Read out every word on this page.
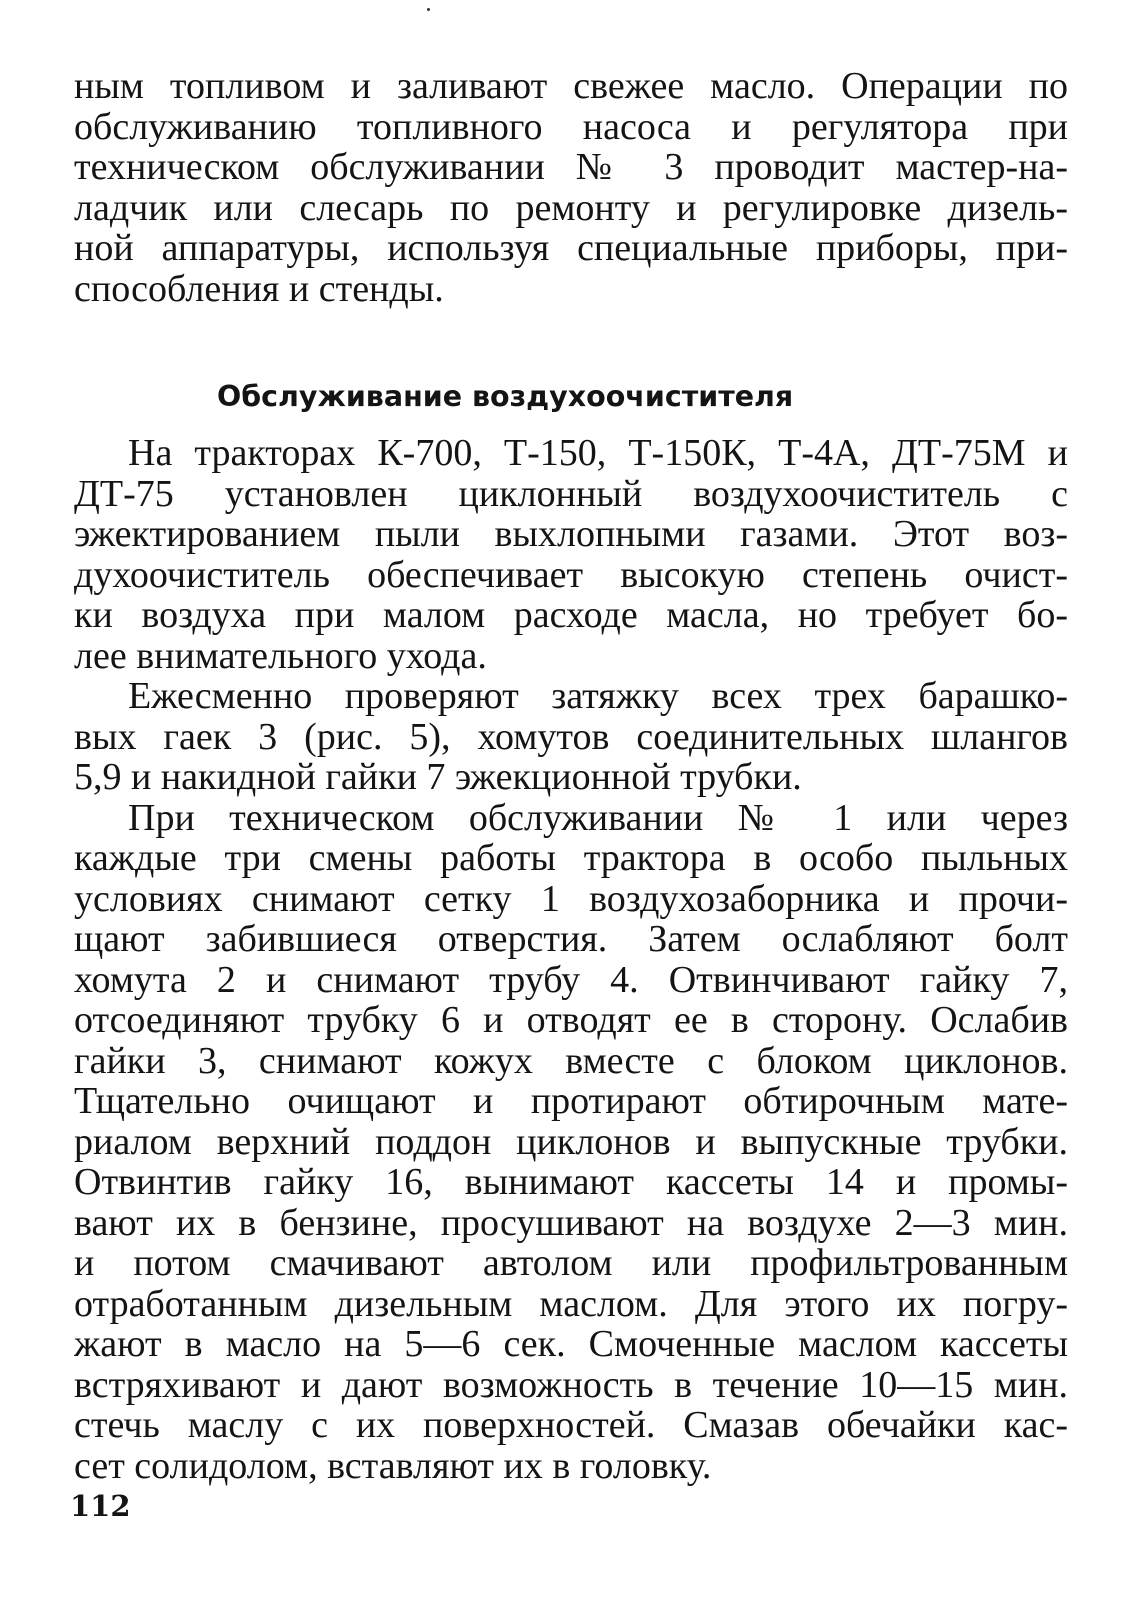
ным топливом и заливают свежее масло. Операции по
обслуживанию топливного насоса и регулятора при
техническом обслуживании № 3 проводит мастер-на-
ладчик или слесарь по ремонту и регулировке дизель-
ной аппаратуры, используя специальные приборы, при-
способления и стенды.
Обслуживание воздухоочистителя
На тракторах К-700, Т-150, Т-150К, Т-4А, ДТ-75М и
ДТ-75 установлен циклонный воздухоочиститель с
эжектированием пыли выхлопными газами. Этот воз-
духоочиститель обеспечивает высокую степень очист-
ки воздуха при малом расходе масла, но требует бо-
лее внимательного ухода.
Ежесменно проверяют затяжку всех трех барашко-
вых гаек 3 (рис. 5), хомутов соединительных шлангов
5,9 и накидной гайки 7 эжекционной трубки.
При техническом обслуживании № 1 или через
каждые три смены работы трактора в особо пыльных
условиях снимают сетку 1 воздухозаборника и прочи-
щают забившиеся отверстия. Затем ослабляют болт
хомута 2 и снимают трубу 4. Отвинчивают гайку 7,
отсоединяют трубку 6 и отводят ее в сторону. Ослабив
гайки 3, снимают кожух вместе с блоком циклонов.
Тщательно очищают и протирают обтирочным мате-
риалом верхний поддон циклонов и выпускные трубки.
Отвинтив гайку 16, вынимают кассеты 14 и промы-
вают их в бензине, просушивают на воздухе 2—3 мин.
и потом смачивают автолом или профильтрованным
отработанным дизельным маслом. Для этого их погру-
жают в масло на 5—6 сек. Смоченные маслом кассеты
встряхивают и дают возможность в течение 10—15 мин.
стечь маслу с их поверхностей. Смазав обечайки кас-
сет солидолом, вставляют их в головку.
112
